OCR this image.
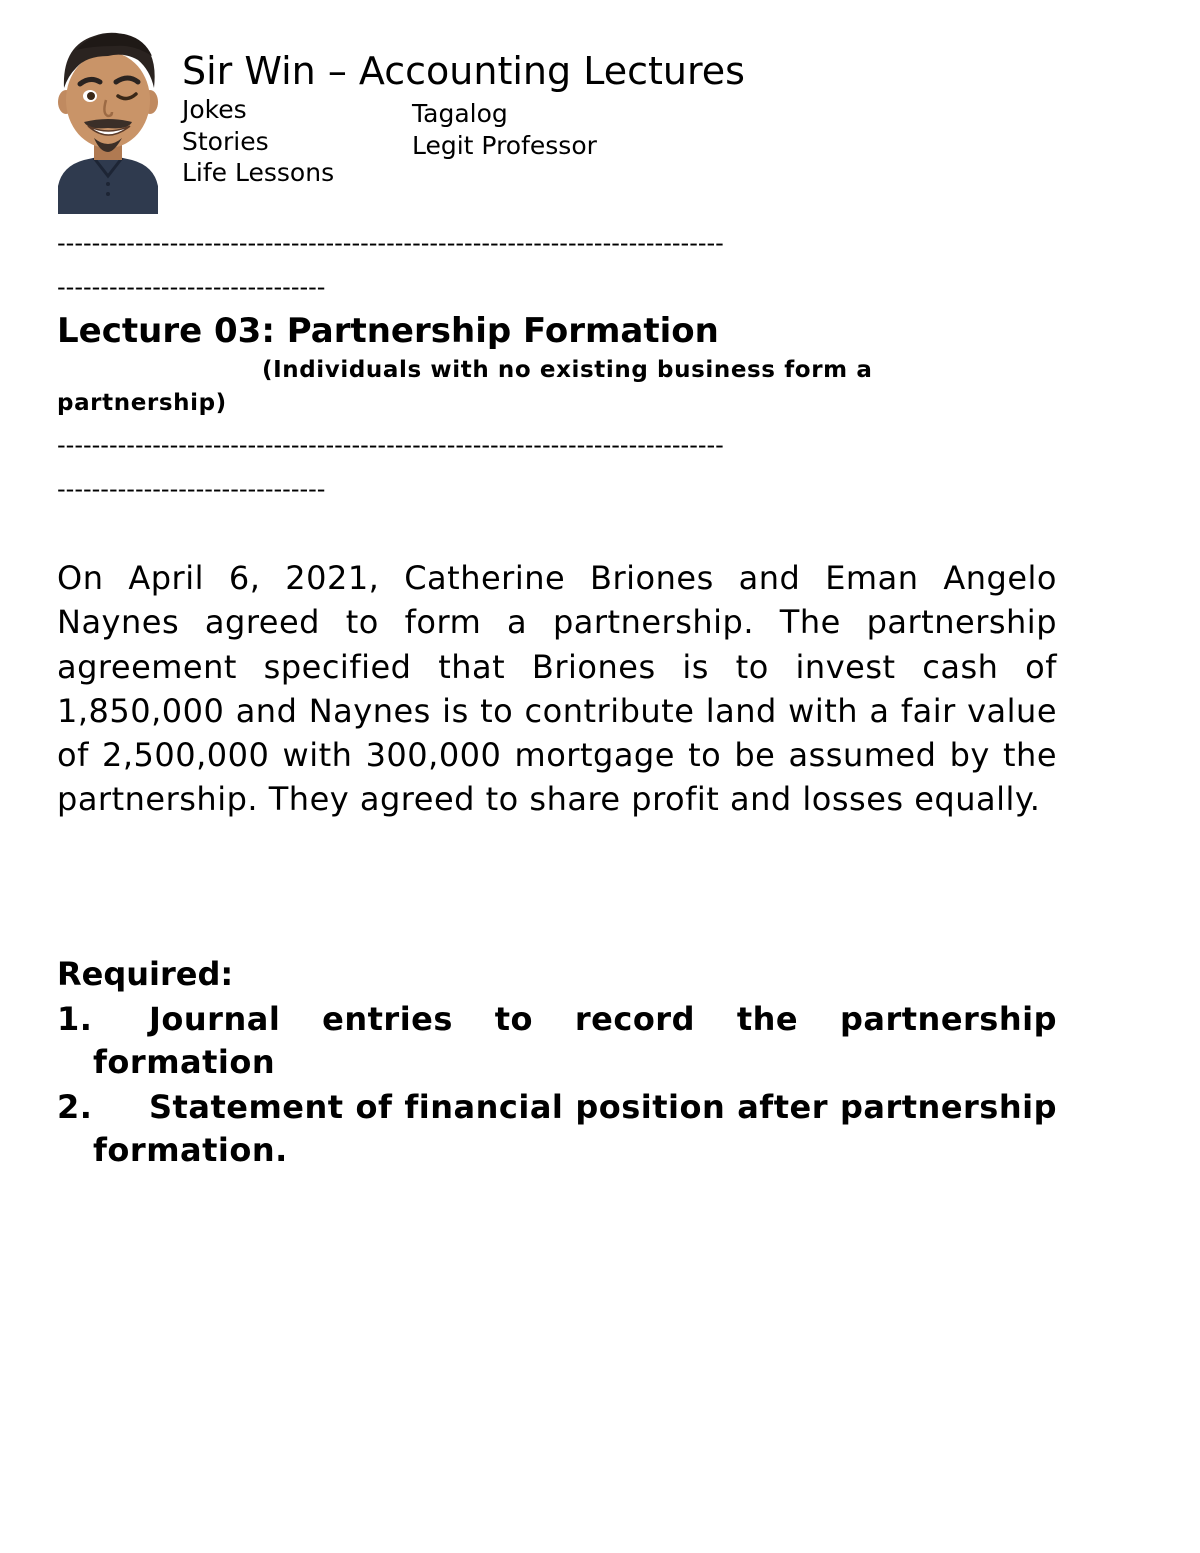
Sir Win – Accounting Lectures
Jokes
Stories
Life Lessons
Tagalog
Legit Professor
-----------------------------------------------------------------------------
-------------------------------
Lecture 03: Partnership Formation
(Individuals with no existing business form a partnership)
-----------------------------------------------------------------------------
-------------------------------

On April 6, 2021, Catherine Briones and Eman Angelo Naynes agreed to form a partnership. The partnership agreement specified that Briones is to invest cash of 1,850,000 and Naynes is to contribute land with a fair value of 2,500,000 with 300,000 mortgage to be assumed by the partnership. They agreed to share profit and losses equally.

Required:
1. Journal entries to record the partnership formation
2. Statement of financial position after partnership formation.
